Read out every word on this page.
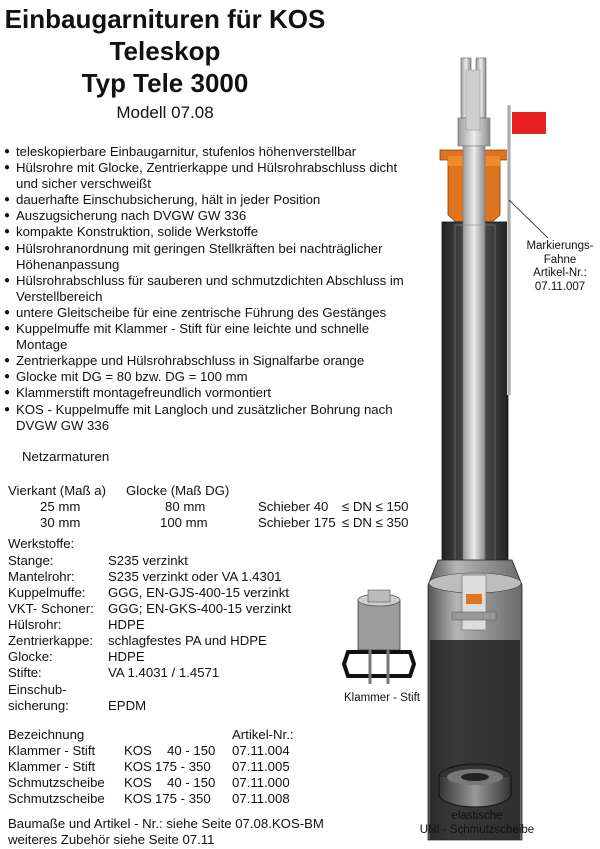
Einbaugarnituren für KOS
Teleskop
Typ Tele 3000
Modell 07.08
● teleskopierbare Einbaugarnitur, stufenlos höhenverstellbar
● Hülsrohre mit Glocke, Zentrierkappe und Hülsrohrabschluss dicht und sicher verschweißt
● dauerhafte Einschubsicherung, hält in jeder Position
● Auszugsicherung nach DVGW GW 336
● kompakte Konstruktion, solide Werkstoffe
● Hülsrohranordnung mit geringen Stellkräften bei nachträglicher Höhenanpassung
● Hülsrohrabschluss für sauberen und schmutzdichten Abschluss im Verstellbereich
● untere Gleitscheibe für eine zentrische Führung des Gestänges
● Kuppelmuffe mit Klammer - Stift für eine leichte und schnelle Montage
● Zentrierkappe und Hülsrohrabschluss in Signalfarbe orange
● Glocke mit DG = 80 bzw. DG = 100 mm
● Klammerstift montagefreundlich vormontiert
● KOS - Kuppelmuffe mit Langloch und zusätzlicher Bohrung nach DVGW GW 336
Netzarmaturen
Vierkant (Maß a) Glocke (Maß DG)
25 mm	80 mm	Schieber 40 ≤ DN ≤ 150
30 mm	100 mm	Schieber 175 ≤ DN ≤ 350
Werkstoffe:
Stange:	S235 verzinkt
Mantelrohr:	S235 verzinkt oder VA 1.4301
Kuppelmuffe: GGG, EN-GJS-400-15 verzinkt
VKT- Schoner: GGG; EN-GKS-400-15 verzinkt
Hülsrohr:	HDPE
Zentrierkappe: schlagfestes PA und HDPE
Glocke:	HDPE
Stifte:	VA 1.4031 / 1.4571
Einschub-
sicherung:	EPDM
Bezeichnung	Artikel-Nr.:
Klammer - Stift KOS 40 - 150 07.11.004
Klammer - Stift KOS 175 - 350 07.11.005
Schmutzscheibe KOS 40 - 150 07.11.000
Schmutzscheibe KOS 175 - 350 07.11.008
Baumaße und Artikel - Nr.: siehe Seite 07.08.KOS-BM
weiteres Zubehör siehe Seite 07.11
Markierungs-
Fahne
Artikel-Nr.:
07.11.007
Klammer - Stift
elastische
UNI - Schmutzscheibe
